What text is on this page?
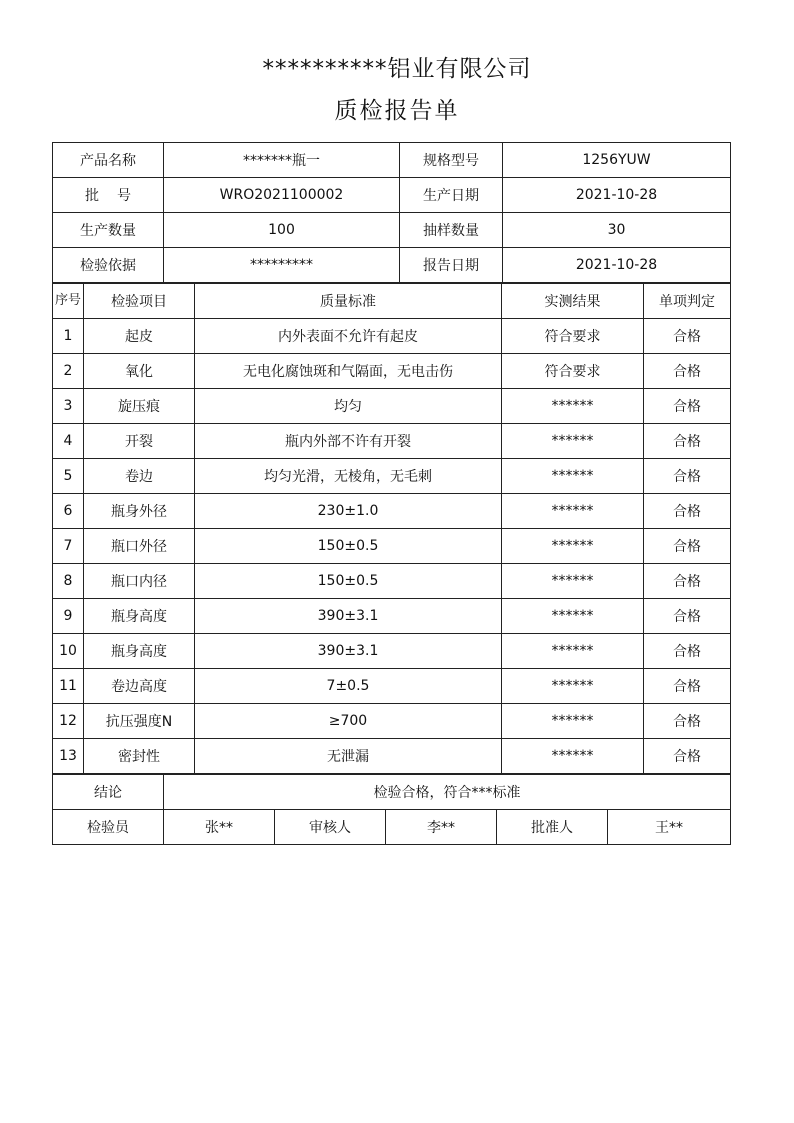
**********铝业有限公司
质检报告单
产品名称	*******瓶一	规格型号	1256YUW
批号	WRO2021100002	生产日期	2021-10-28
生产数量	100	抽样数量	30
检验依据	*********	报告日期	2021-10-28
序号	检验项目	质量标准	实测结果	单项判定
1	起皮	内外表面不允许有起皮	符合要求	合格
2	氧化	无电化腐蚀斑和气隔面，无电击伤	符合要求	合格
3	旋压痕	均匀	******	合格
4	开裂	瓶内外部不许有开裂	******	合格
5	卷边	均匀光滑，无棱角，无毛刺	******	合格
6	瓶身外径	230±1.0	******	合格
7	瓶口外径	150±0.5	******	合格
8	瓶口内径	150±0.5	******	合格
9	瓶身高度	390±3.1	******	合格
10	瓶身高度	390±3.1	******	合格
11	卷边高度	7±0.5	******	合格
12	抗压强度N	≥700	******	合格
13	密封性	无泄漏	******	合格
结论	检验合格，符合***标准				
检验员	张**	审核人	李**	批准人	王**
